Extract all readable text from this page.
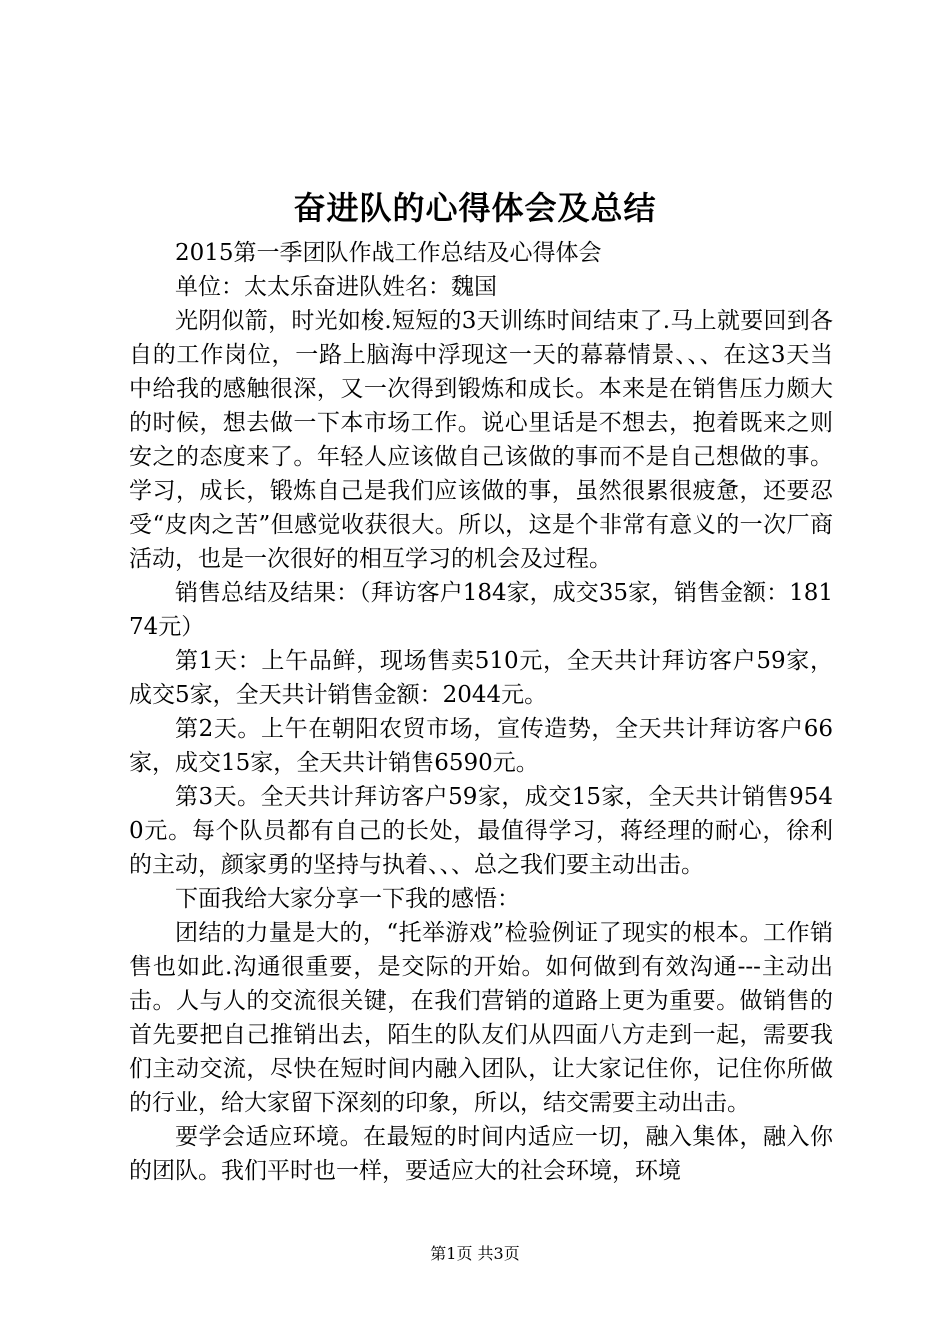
奋进队的心得体会及总结

2015第一季团队作战工作总结及心得体会

单位：太太乐奋进队姓名：魏国

光阴似箭，时光如梭.短短的3天训练时间结束了.马上就要回到各自的工作岗位，一路上脑海中浮现这一天的幕幕情景、、、在这3天当中给我的感触很深，又一次得到锻炼和成长。本来是在销售压力颇大的时候，想去做一下本市场工作。说心里话是不想去，抱着既来之则安之的态度来了。年轻人应该做自己该做的事而不是自己想做的事。学习，成长，锻炼自己是我们应该做的事，虽然很累很疲惫，还要忍受“皮肉之苦”但感觉收获很大。所以，这是个非常有意义的一次厂商活动，也是一次很好的相互学习的机会及过程。

销售总结及结果：（拜访客户184家，成交35家，销售金额：18174元）

第1天：上午品鲜，现场售卖510元，全天共计拜访客户59家，成交5家，全天共计销售金额：2044元。

第2天。上午在朝阳农贸市场，宣传造势，全天共计拜访客户66家，成交15家，全天共计销售6590元。

第3天。全天共计拜访客户59家，成交15家，全天共计销售9540元。每个队员都有自己的长处，最值得学习，蒋经理的耐心，徐利的主动，颜家勇的坚持与执着、、、总之我们要主动出击。

下面我给大家分享一下我的感悟：

团结的力量是大的，“托举游戏”检验例证了现实的根本。工作销售也如此.沟通很重要，是交际的开始。如何做到有效沟通---主动出击。人与人的交流很关键，在我们营销的道路上更为重要。做销售的首先要把自己推销出去，陌生的队友们从四面八方走到一起，需要我们主动交流，尽快在短时间内融入团队，让大家记住你，记住你所做的行业，给大家留下深刻的印象，所以，结交需要主动出击。

要学会适应环境。在最短的时间内适应一切，融入集体，融入你的团队。我们平时也一样，要适应大的社会环境，环境

第1页 共3页
